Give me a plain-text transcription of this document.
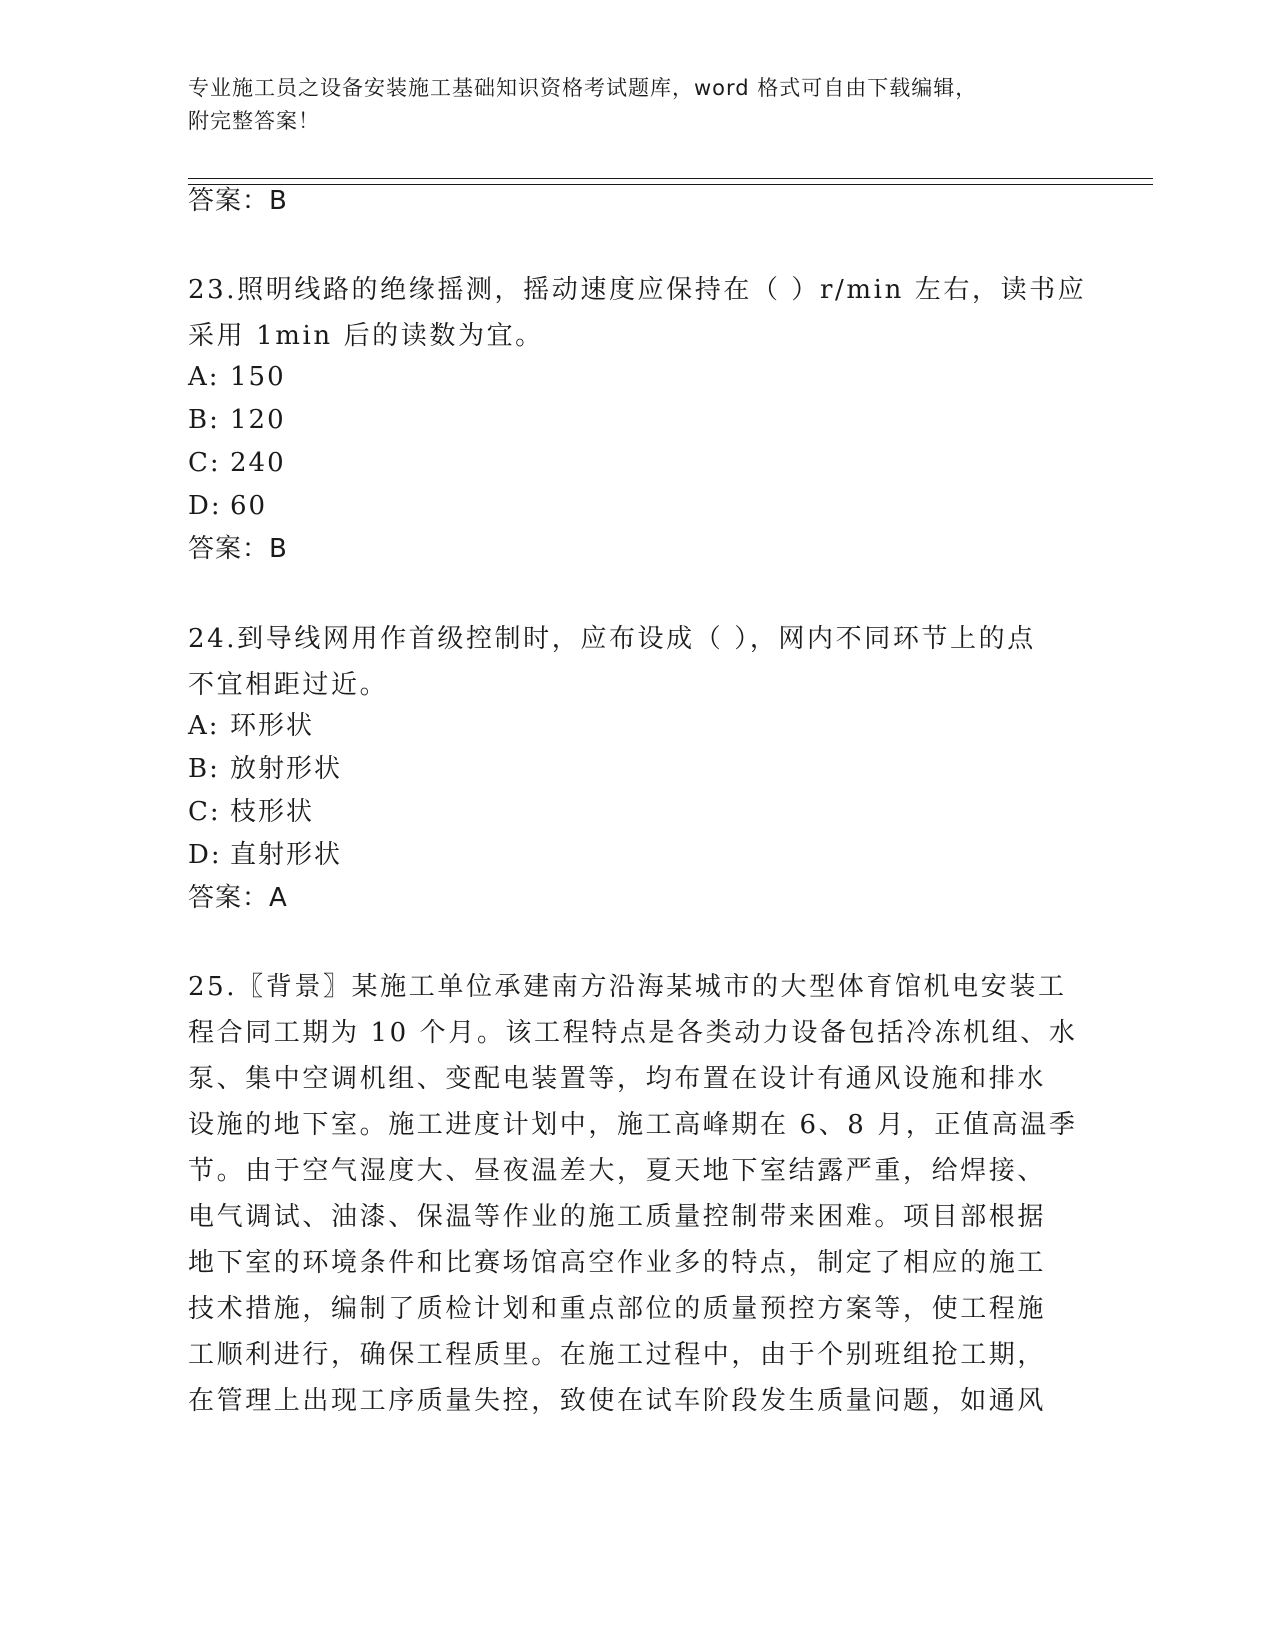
专业施工员之设备安装施工基础知识资格考试题库，word 格式可自由下载编辑，
附完整答案！
答案：B
23.照明线路的绝缘摇测，摇动速度应保持在（ ）r/min 左右，读书应
采用 1min 后的读数为宜。
A: 150
B: 120
C: 240
D: 60
答案：B
24.到导线网用作首级控制时，应布设成（ ），网内不同环节上的点
不宜相距过近。
A: 环形状
B: 放射形状
C: 枝形状
D: 直射形状
答案：A
25.〖背景〗某施工单位承建南方沿海某城市的大型体育馆机电安装工
程合同工期为 10 个月。该工程特点是各类动力设备包括冷冻机组、水
泵、集中空调机组、变配电装置等，均布置在设计有通风设施和排水
设施的地下室。施工进度计划中，施工高峰期在 6、8 月，正值高温季
节。由于空气湿度大、昼夜温差大，夏天地下室结露严重，给焊接、
电气调试、油漆、保温等作业的施工质量控制带来困难。项目部根据
地下室的环境条件和比赛场馆高空作业多的特点，制定了相应的施工
技术措施，编制了质检计划和重点部位的质量预控方案等，使工程施
工顺利进行，确保工程质里。在施工过程中，由于个别班组抢工期，
在管理上出现工序质量失控，致使在试车阶段发生质量问题，如通风
